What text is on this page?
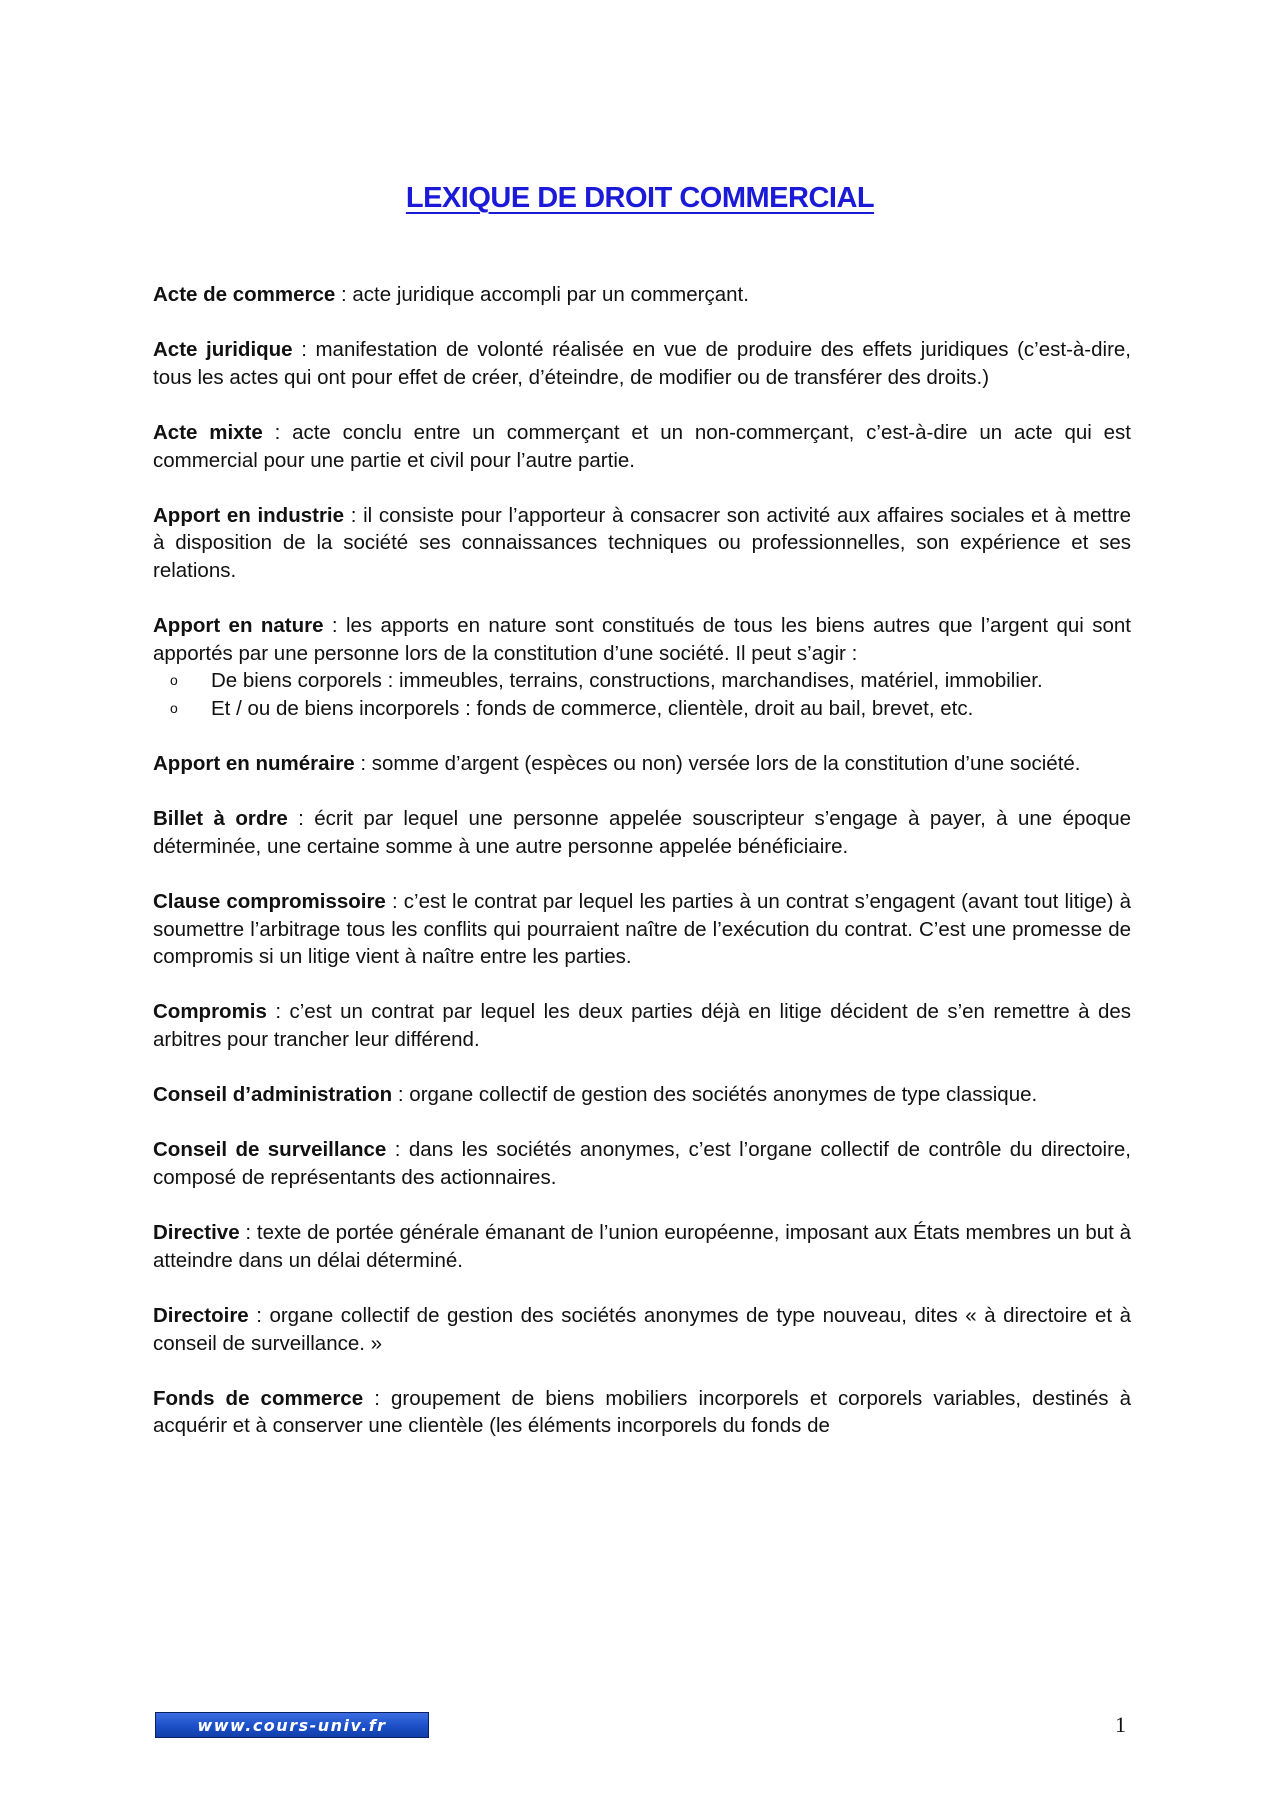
LEXIQUE DE DROIT COMMERCIAL

Acte de commerce : acte juridique accompli par un commerçant.

Acte juridique : manifestation de volonté réalisée en vue de produire des effets juridiques (c’est-à-dire, tous les actes qui ont pour effet de créer, d’éteindre, de modifier ou de transférer des droits.)

Acte mixte : acte conclu entre un commerçant et un non-commerçant, c’est-à-dire un acte qui est commercial pour une partie et civil pour l’autre partie.

Apport en industrie : il consiste pour l’apporteur à consacrer son activité aux affaires sociales et à mettre à disposition de la société ses connaissances techniques ou professionnelles, son expérience et ses relations.

Apport en nature : les apports en nature sont constitués de tous les biens autres que l’argent qui sont apportés par une personne lors de la constitution d’une société. Il peut s’agir :
o De biens corporels : immeubles, terrains, constructions, marchandises, matériel, immobilier.
o Et / ou de biens incorporels : fonds de commerce, clientèle, droit au bail, brevet, etc.

Apport en numéraire : somme d’argent (espèces ou non) versée lors de la constitution d’une société.

Billet à ordre : écrit par lequel une personne appelée souscripteur s’engage à payer, à une époque déterminée, une certaine somme à une autre personne appelée bénéficiaire.

Clause compromissoire : c’est le contrat par lequel les parties à un contrat s’engagent (avant tout litige) à soumettre l’arbitrage tous les conflits qui pourraient naître de l’exécution du contrat. C’est une promesse de compromis si un litige vient à naître entre les parties.

Compromis : c’est un contrat par lequel les deux parties déjà en litige décident de s’en remettre à des arbitres pour trancher leur différend.

Conseil d’administration : organe collectif de gestion des sociétés anonymes de type classique.

Conseil de surveillance : dans les sociétés anonymes, c’est l’organe collectif de contrôle du directoire, composé de représentants des actionnaires.

Directive : texte de portée générale émanant de l’union européenne, imposant aux États membres un but à atteindre dans un délai déterminé.

Directoire : organe collectif de gestion des sociétés anonymes de type nouveau, dites « à directoire et à conseil de surveillance. »

Fonds de commerce : groupement de biens mobiliers incorporels et corporels variables, destinés à acquérir et à conserver une clientèle (les éléments incorporels du fonds de

www.cours-univ.fr	1
